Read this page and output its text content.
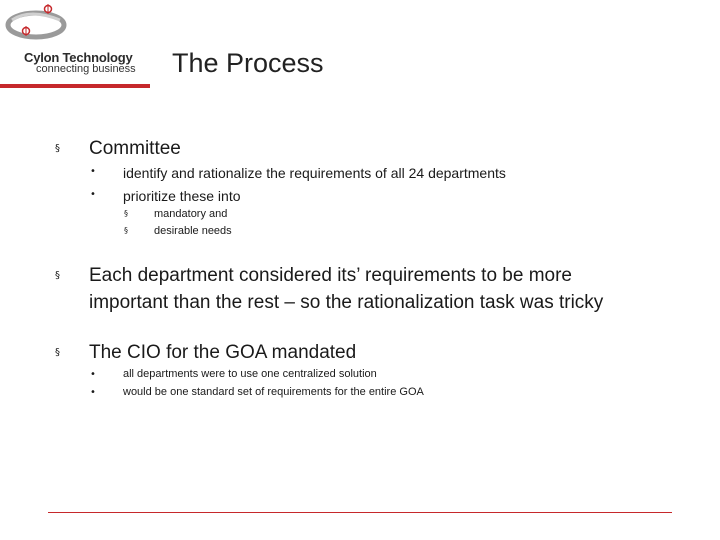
Cylon Technology
connecting business The Process
§ Committee
• identify and rationalize the requirements of all 24 departments
• prioritize these into
§ mandatory and
§ desirable needs
§ Each department considered its’ requirements to be more
important than the rest – so the rationalization task was tricky
§ The CIO for the GOA mandated
• all departments were to use one centralized solution
• would be one standard set of requirements for the entire GOA
